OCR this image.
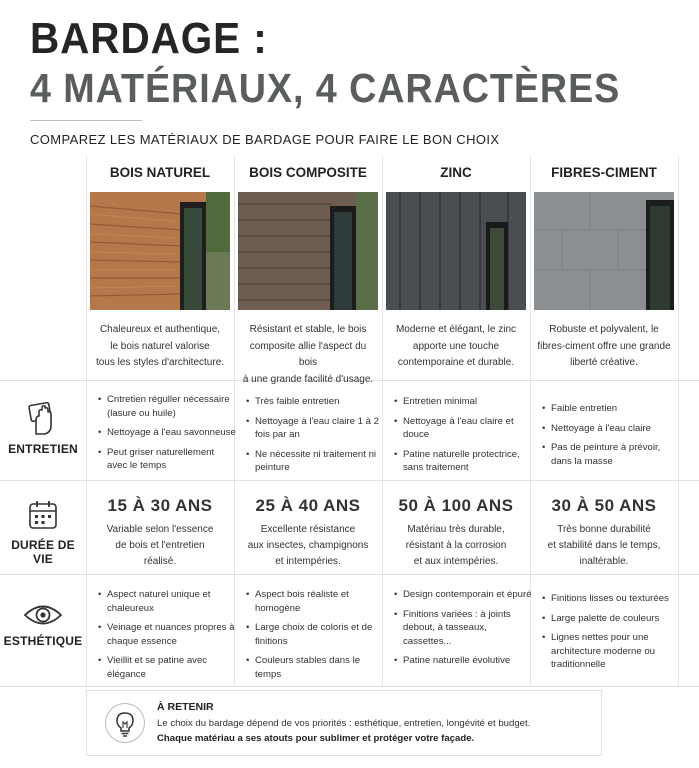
BARDAGE :
4 MATÉRIAUX, 4 CARACTÈRES
COMPAREZ LES MATÉRIAUX DE BARDAGE POUR FAIRE LE BON CHOIX
BOIS NATUREL
Chaleureux et authentique,
le bois naturel valorise
tous les styles d'architecture.
BOIS COMPOSITE
Résistant et stable, le bois
composite allie l'aspect du bois
à une grande facilité d'usage.
ZINC
Moderne et élégant, le zinc
apporte une touche
contemporaine et durable.
FIBRES-CIMENT
Robuste et polyvalent, le
fibres-ciment offre une grande
liberté créative.
ENTRETIEN
• Cntretien réguller nécessaire (lasure ou huile)
• Nettoyage à l'eau savonneuse
• Peut griser naturellement avec le temps
• Très faible entretien
• Nettoyage à l'eau claire 1 à 2 fois par an
• Ne nécessite ni traitement ni peinture
• Entretien minimal
• Nettoyage à l'eau claire et douce
• Patine naturelle protectrice, sans traitement
• Faible entretien
• Nettoyage à l'eau claire
• Pas de peinture à prévoir, dans la masse
DURÉE DE VIE
15 À 30 ANS
Variable selon l'essence
de bois et l'entretien
réalisé.
25 À 40 ANS
Excellente résistance
aux insectes, champignons
et intempéries.
50 À 100 ANS
Matériau très durable,
résistant à la corrosion
et aux intempéries.
30 À 50 ANS
Très bonne durabilité
et stabilité dans le temps,
inaltérable.
ESTHÉTIQUE
• Aspect naturel unique et chaleureux
• Veinage et nuances propres à chaque essence
• Vieillit et se patine avec élégance
• Aspect bois réaliste et homogène
• Large choix de coloris et de finitions
• Couleurs stables dans le temps
• Design contemporain et épuré
• Finitions variées : à joints debout, à tasseaux, cassettes...
• Patine naturelle évolutive
• Finitions lisses ou texturées
• Large palette de couleurs
• Lignes nettes pour une architecture moderne ou traditionnelle
À RETENIR
Le choix du bardage dépend de vos priorités : esthétique, entretien, longévité et budget.
Chaque matériau a ses atouts pour sublimer et protéger votre façade.
